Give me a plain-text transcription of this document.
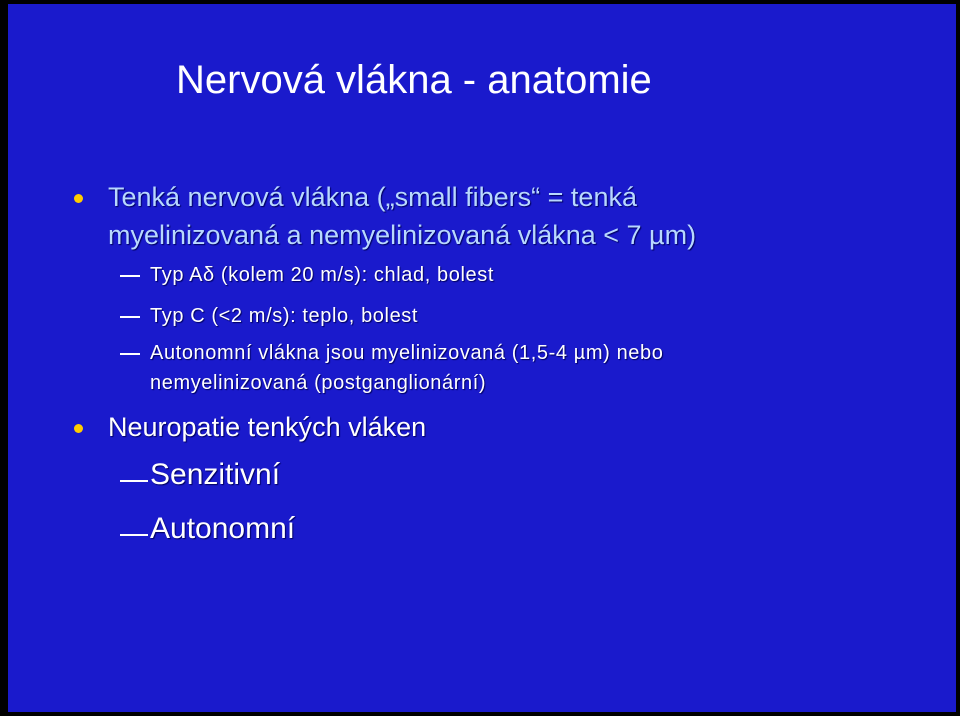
Nervová vlákna - anatomie
Tenká nervová vlákna („small fibers“ = tenká
myelinizovaná a nemyelinizovaná vlákna < 7 µm)
Typ Aδ (kolem 20 m/s): chlad, bolest
Typ C (<2 m/s): teplo, bolest
Autonomní vlákna jsou myelinizovaná (1,5-4 µm) nebo
nemyelinizovaná (postganglionární)
Neuropatie tenkých vláken
Senzitivní
Autonomní
